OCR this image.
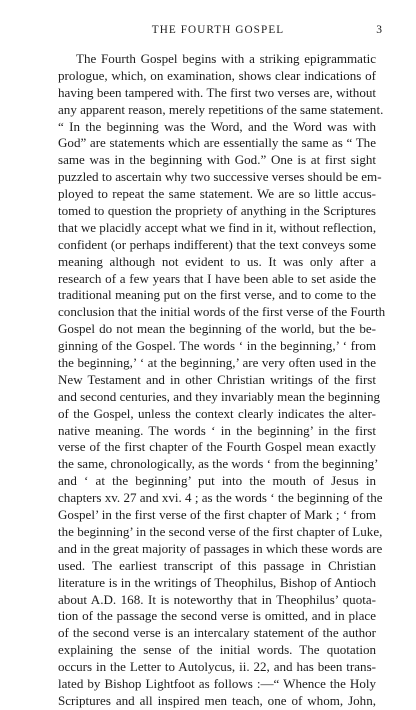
THE FOURTH GOSPEL	3
The Fourth Gospel begins with a striking epigrammatic
prologue, which, on examination, shows clear indications of
having been tampered with. The first two verses are, without
any apparent reason, merely repetitions of the same statement.
“ In the beginning was the Word, and the Word was with
God” are statements which are essentially the same as “ The
same was in the beginning with God.” One is at first sight
puzzled to ascertain why two successive verses should be em-
ployed to repeat the same statement. We are so little accus-
tomed to question the propriety of anything in the Scriptures
that we placidly accept what we find in it, without reflection,
confident (or perhaps indifferent) that the text conveys some
meaning although not evident to us. It was only after a
research of a few years that I have been able to set aside the
traditional meaning put on the first verse, and to come to the
conclusion that the initial words of the first verse of the Fourth
Gospel do not mean the beginning of the world, but the be-
ginning of the Gospel. The words ‘ in the beginning,’ ‘ from
the beginning,’ ‘ at the beginning,’ are very often used in the
New Testament and in other Christian writings of the first
and second centuries, and they invariably mean the beginning
of the Gospel, unless the context clearly indicates the alter-
native meaning. The words ‘ in the beginning’ in the first
verse of the first chapter of the Fourth Gospel mean exactly
the same, chronologically, as the words ‘ from the beginning’
and ‘ at the beginning’ put into the mouth of Jesus in
chapters xv. 27 and xvi. 4 ; as the words ‘ the beginning of the
Gospel’ in the first verse of the first chapter of Mark ; ‘ from
the beginning’ in the second verse of the first chapter of Luke,
and in the great majority of passages in which these words are
used. The earliest transcript of this passage in Christian
literature is in the writings of Theophilus, Bishop of Antioch
about A.D. 168. It is noteworthy that in Theophilus’ quota-
tion of the passage the second verse is omitted, and in place
of the second verse is an intercalary statement of the author
explaining the sense of the initial words. The quotation
occurs in the Letter to Autolycus, ii. 22, and has been trans-
lated by Bishop Lightfoot as follows :—“ Whence the Holy
Scriptures and all inspired men teach, one of whom, John,
